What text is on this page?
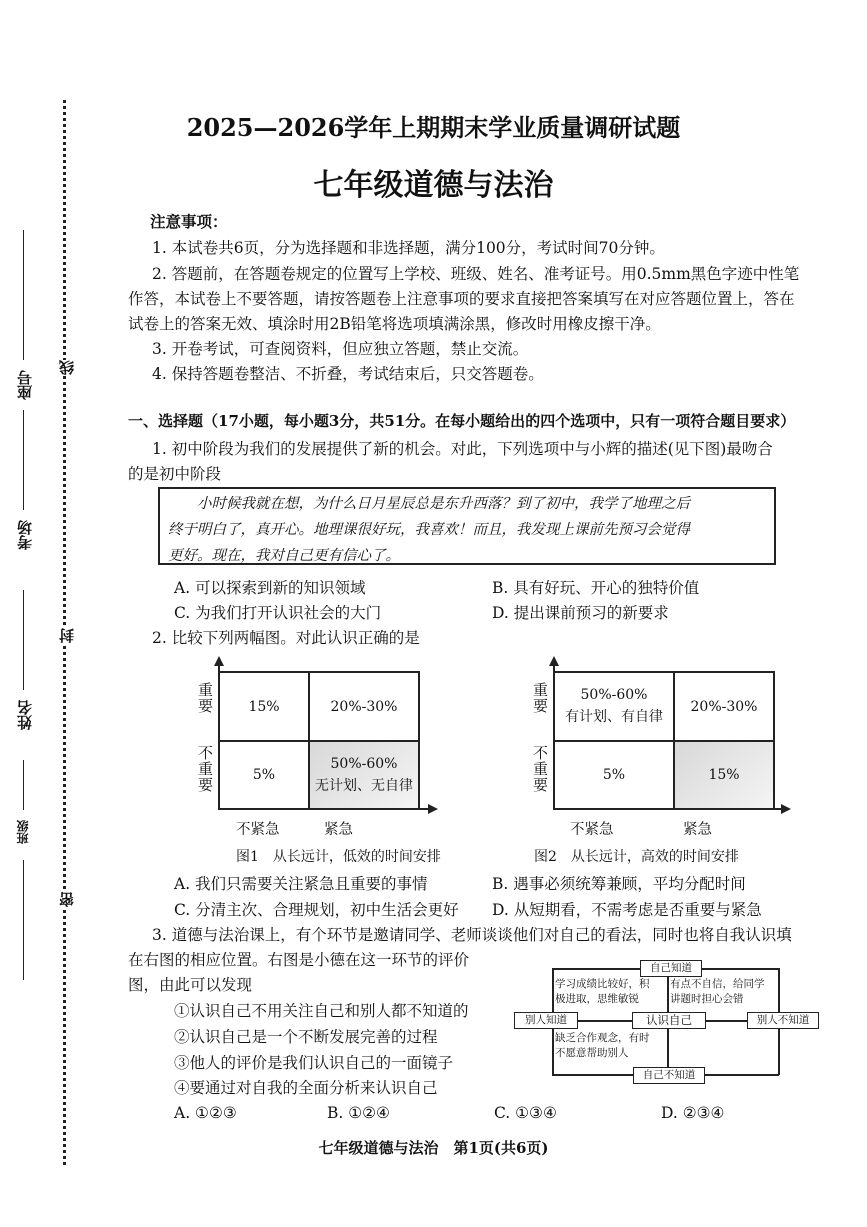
座号
考场
姓名
班级
线
封
密
2025—2026学年上期期末学业质量调研试题
七年级道德与法治
注意事项：
1. 本试卷共6页，分为选择题和非选择题，满分100分，考试时间70分钟。
2. 答题前，在答题卷规定的位置写上学校、班级、姓名、准考证号。用0.5mm黑色字迹中性笔
作答，本试卷上不要答题，请按答题卷上注意事项的要求直接把答案填写在对应答题位置上，答在
试卷上的答案无效、填涂时用2B铅笔将选项填满涂黑，修改时用橡皮擦干净。
3. 开卷考试，可查阅资料，但应独立答题，禁止交流。
4. 保持答题卷整洁、不折叠，考试结束后，只交答题卷。
一、选择题（17小题，每小题3分，共51分。在每小题给出的四个选项中，只有一项符合题目要求）
1. 初中阶段为我们的发展提供了新的机会。对此，下列选项中与小辉的描述(见下图)最吻合
的是初中阶段
小时候我就在想，为什么日月星辰总是东升西落？到了初中，我学了地理之后
终于明白了，真开心。地理课很好玩，我喜欢！而且，我发现上课前先预习会觉得
更好。现在，我对自己更有信心了。
A. 可以探索到新的知识领域	B. 具有好玩、开心的独特价值
C. 为我们打开认识社会的大门	D. 提出课前预习的新要求
2. 比较下列两幅图。对此认识正确的是
15%	20%-30%
5%	50%-60%
无计划、无自律
重要
不重要
不紧急	紧急
图1　从长远计，低效的时间安排
50%-60%
有计划、有自律	20%-30%
5%	15%
重要
不重要
不紧急	紧急
图2　从长远计，高效的时间安排
A. 我们只需要关注紧急且重要的事情	B. 遇事必须统筹兼顾，平均分配时间
C. 分清主次、合理规划，初中生活会更好 D. 从短期看，不需考虑是否重要与紧急
3. 道德与法治课上，有个环节是邀请同学、老师谈谈他们对自己的看法，同时也将自我认识填
在右图的相应位置。右图是小德在这一环节的评价
图，由此可以发现
①认识自己不用关注自己和别人都不知道的
②认识自己是一个不断发展完善的过程
③他人的评价是我们认识自己的一面镜子
④要通过对自我的全面分析来认识自己
自己知道
自己不知道
别人知道	别人不知道
认识自己
学习成绩比较好，积
极进取，思维敏锐
有点不自信，给同学
讲题时担心会错
缺乏合作观念，有时
不愿意帮助别人
A. ①②③	B. ①②④	C. ①③④	D. ②③④
七年级道德与法治　第1页(共6页)
